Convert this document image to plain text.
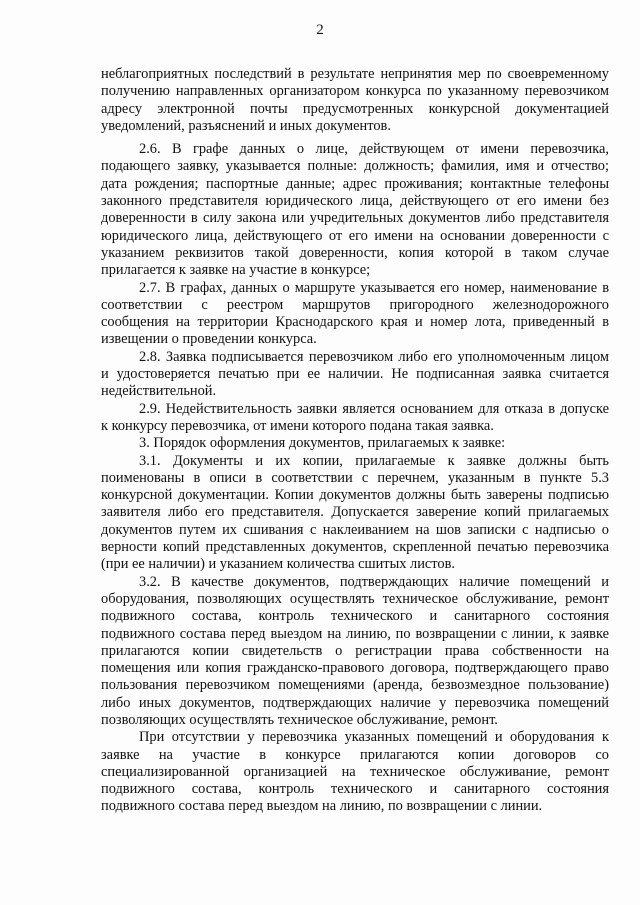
2
неблагоприятных последствий в результате непринятия мер по своевременному
получению направленных организатором конкурса по указанному перевозчиком
адресу электронной почты предусмотренных конкурсной документацией
уведомлений, разъяснений и иных документов.
2.6. В графе данных о лице, действующем от имени перевозчика,
подающего заявку, указывается полные: должность; фамилия, имя и отчество;
дата рождения; паспортные данные; адрес проживания; контактные телефоны
законного представителя юридического лица, действующего от его имени без
доверенности в силу закона или учредительных документов либо представителя
юридического лица, действующего от его имени на основании доверенности с
указанием реквизитов такой доверенности, копия которой в таком случае
прилагается к заявке на участие в конкурсе;
2.7. В графах, данных о маршруте указывается его номер, наименование в
соответствии с реестром маршрутов пригородного железнодорожного
сообщения на территории Краснодарского края и номер лота, приведенный в
извещении о проведении конкурса.
2.8. Заявка подписывается перевозчиком либо его уполномоченным лицом
и удостоверяется печатью при ее наличии. Не подписанная заявка считается
недействительной.
2.9. Недействительность заявки является основанием для отказа в допуске
к конкурсу перевозчика, от имени которого подана такая заявка.
3. Порядок оформления документов, прилагаемых к заявке:
3.1. Документы и их копии, прилагаемые к заявке должны быть
поименованы в описи в соответствии с перечнем, указанным в пункте 5.3
конкурсной документации. Копии документов должны быть заверены подписью
заявителя либо его представителя. Допускается заверение копий прилагаемых
документов путем их сшивания с наклеиванием на шов записки с надписью о
верности копий представленных документов, скрепленной печатью перевозчика
(при ее наличии) и указанием количества сшитых листов.
3.2. В качестве документов, подтверждающих наличие помещений и
оборудования, позволяющих осуществлять техническое обслуживание, ремонт
подвижного состава, контроль технического и санитарного состояния
подвижного состава перед выездом на линию, по возвращении с линии, к заявке
прилагаются копии свидетельств о регистрации права собственности на
помещения или копия гражданско-правового договора, подтверждающего право
пользования перевозчиком помещениями (аренда, безвозмездное пользование)
либо иных документов, подтверждающих наличие у перевозчика помещений
позволяющих осуществлять техническое обслуживание, ремонт.
При отсутствии у перевозчика указанных помещений и оборудования к
заявке на участие в конкурсе прилагаются копии договоров со
специализированной организацией на техническое обслуживание, ремонт
подвижного состава, контроль технического и санитарного состояния
подвижного состава перед выездом на линию, по возвращении с линии.
